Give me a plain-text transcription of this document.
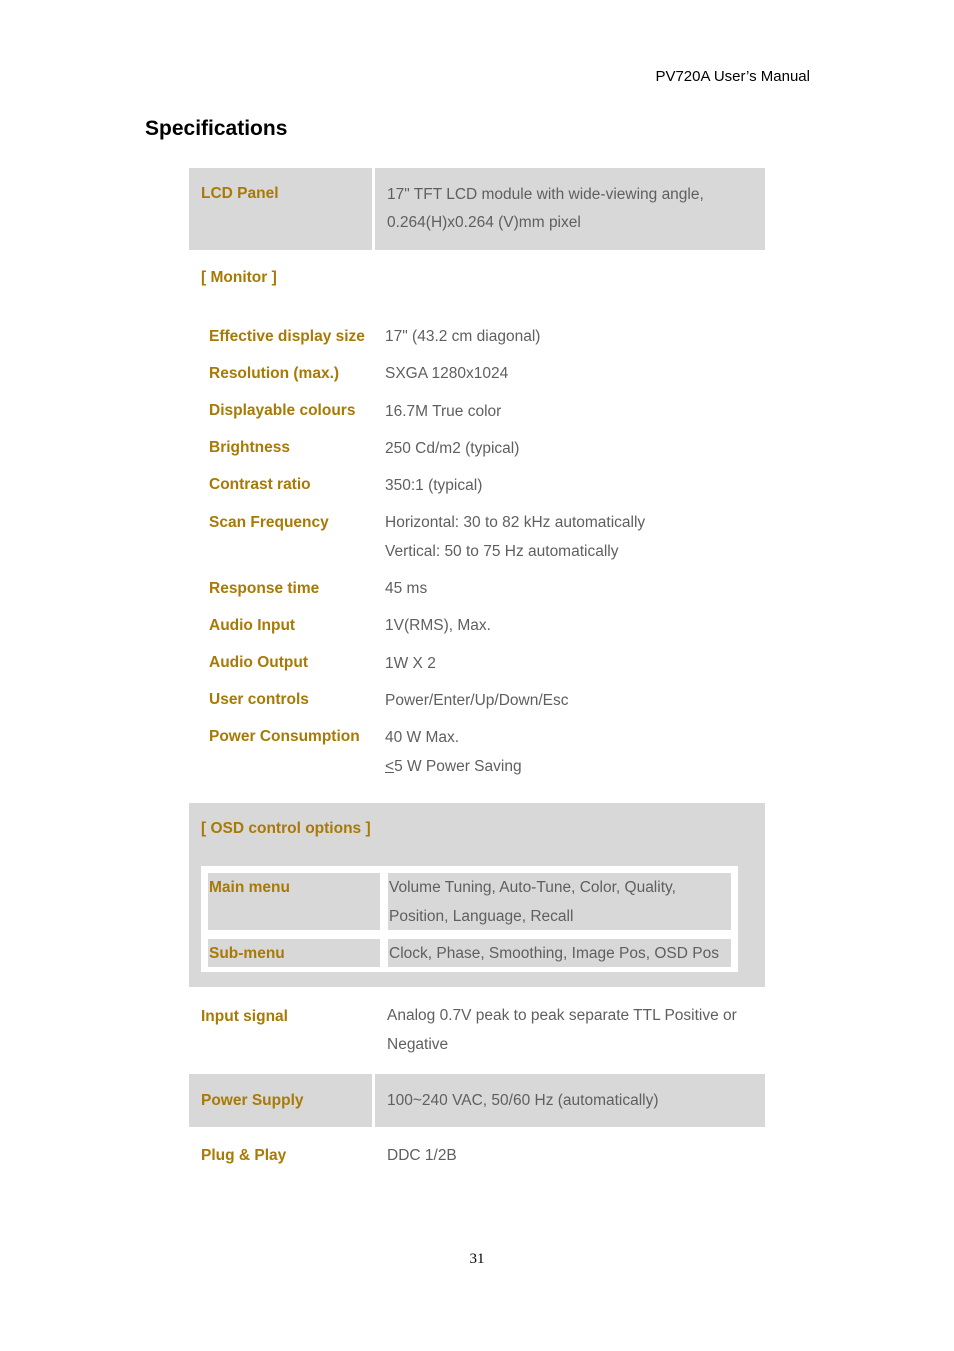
PV720A User’s Manual
Specifications
LCD Panel	17" TFT LCD module with wide-viewing angle,
0.264(H)x0.264 (V)mm pixel
[ Monitor ]
Effective display size 17" (43.2 cm diagonal)
Resolution (max.)	SXGA 1280x1024
Displayable colours 16.7M True color
Brightness	250 Cd/m2 (typical)
Contrast ratio	350:1 (typical)
Scan Frequency	Horizontal: 30 to 82 kHz automatically
Vertical: 50 to 75 Hz automatically
Response time	45 ms
Audio Input	1V(RMS), Max.
Audio Output	1W X 2
User controls	Power/Enter/Up/Down/Esc
Power Consumption 40 W Max.
≤5 W Power Saving
[ OSD control options ]
Main menu	Volume Tuning, Auto-Tune, Color, Quality,
Position, Language, Recall
Sub-menu	Clock, Phase, Smoothing, Image Pos, OSD Pos
Input signal	Analog 0.7V peak to peak separate TTL Positive or
Negative
Power Supply	100~240 VAC, 50/60 Hz (automatically)
Plug & Play	DDC 1/2B
31
